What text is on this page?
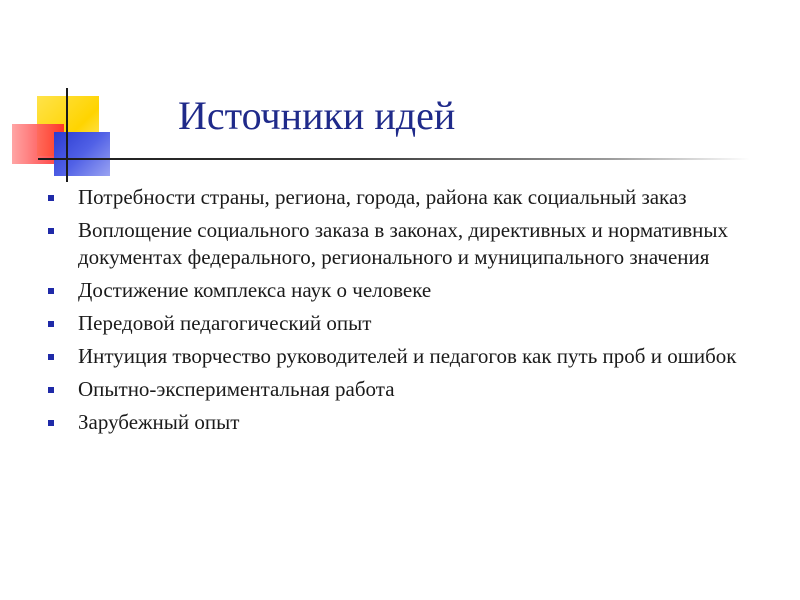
Источники идей
Потребности страны, региона, города, района как социальный заказ
Воплощение социального заказа в законах, директивных и нормативных документах федерального, регионального и муниципального значения
Достижение комплекса наук о человеке
Передовой педагогический опыт
Интуиция творчество руководителей и педагогов как путь проб и ошибок
Опытно-экспериментальная работа
Зарубежный опыт
